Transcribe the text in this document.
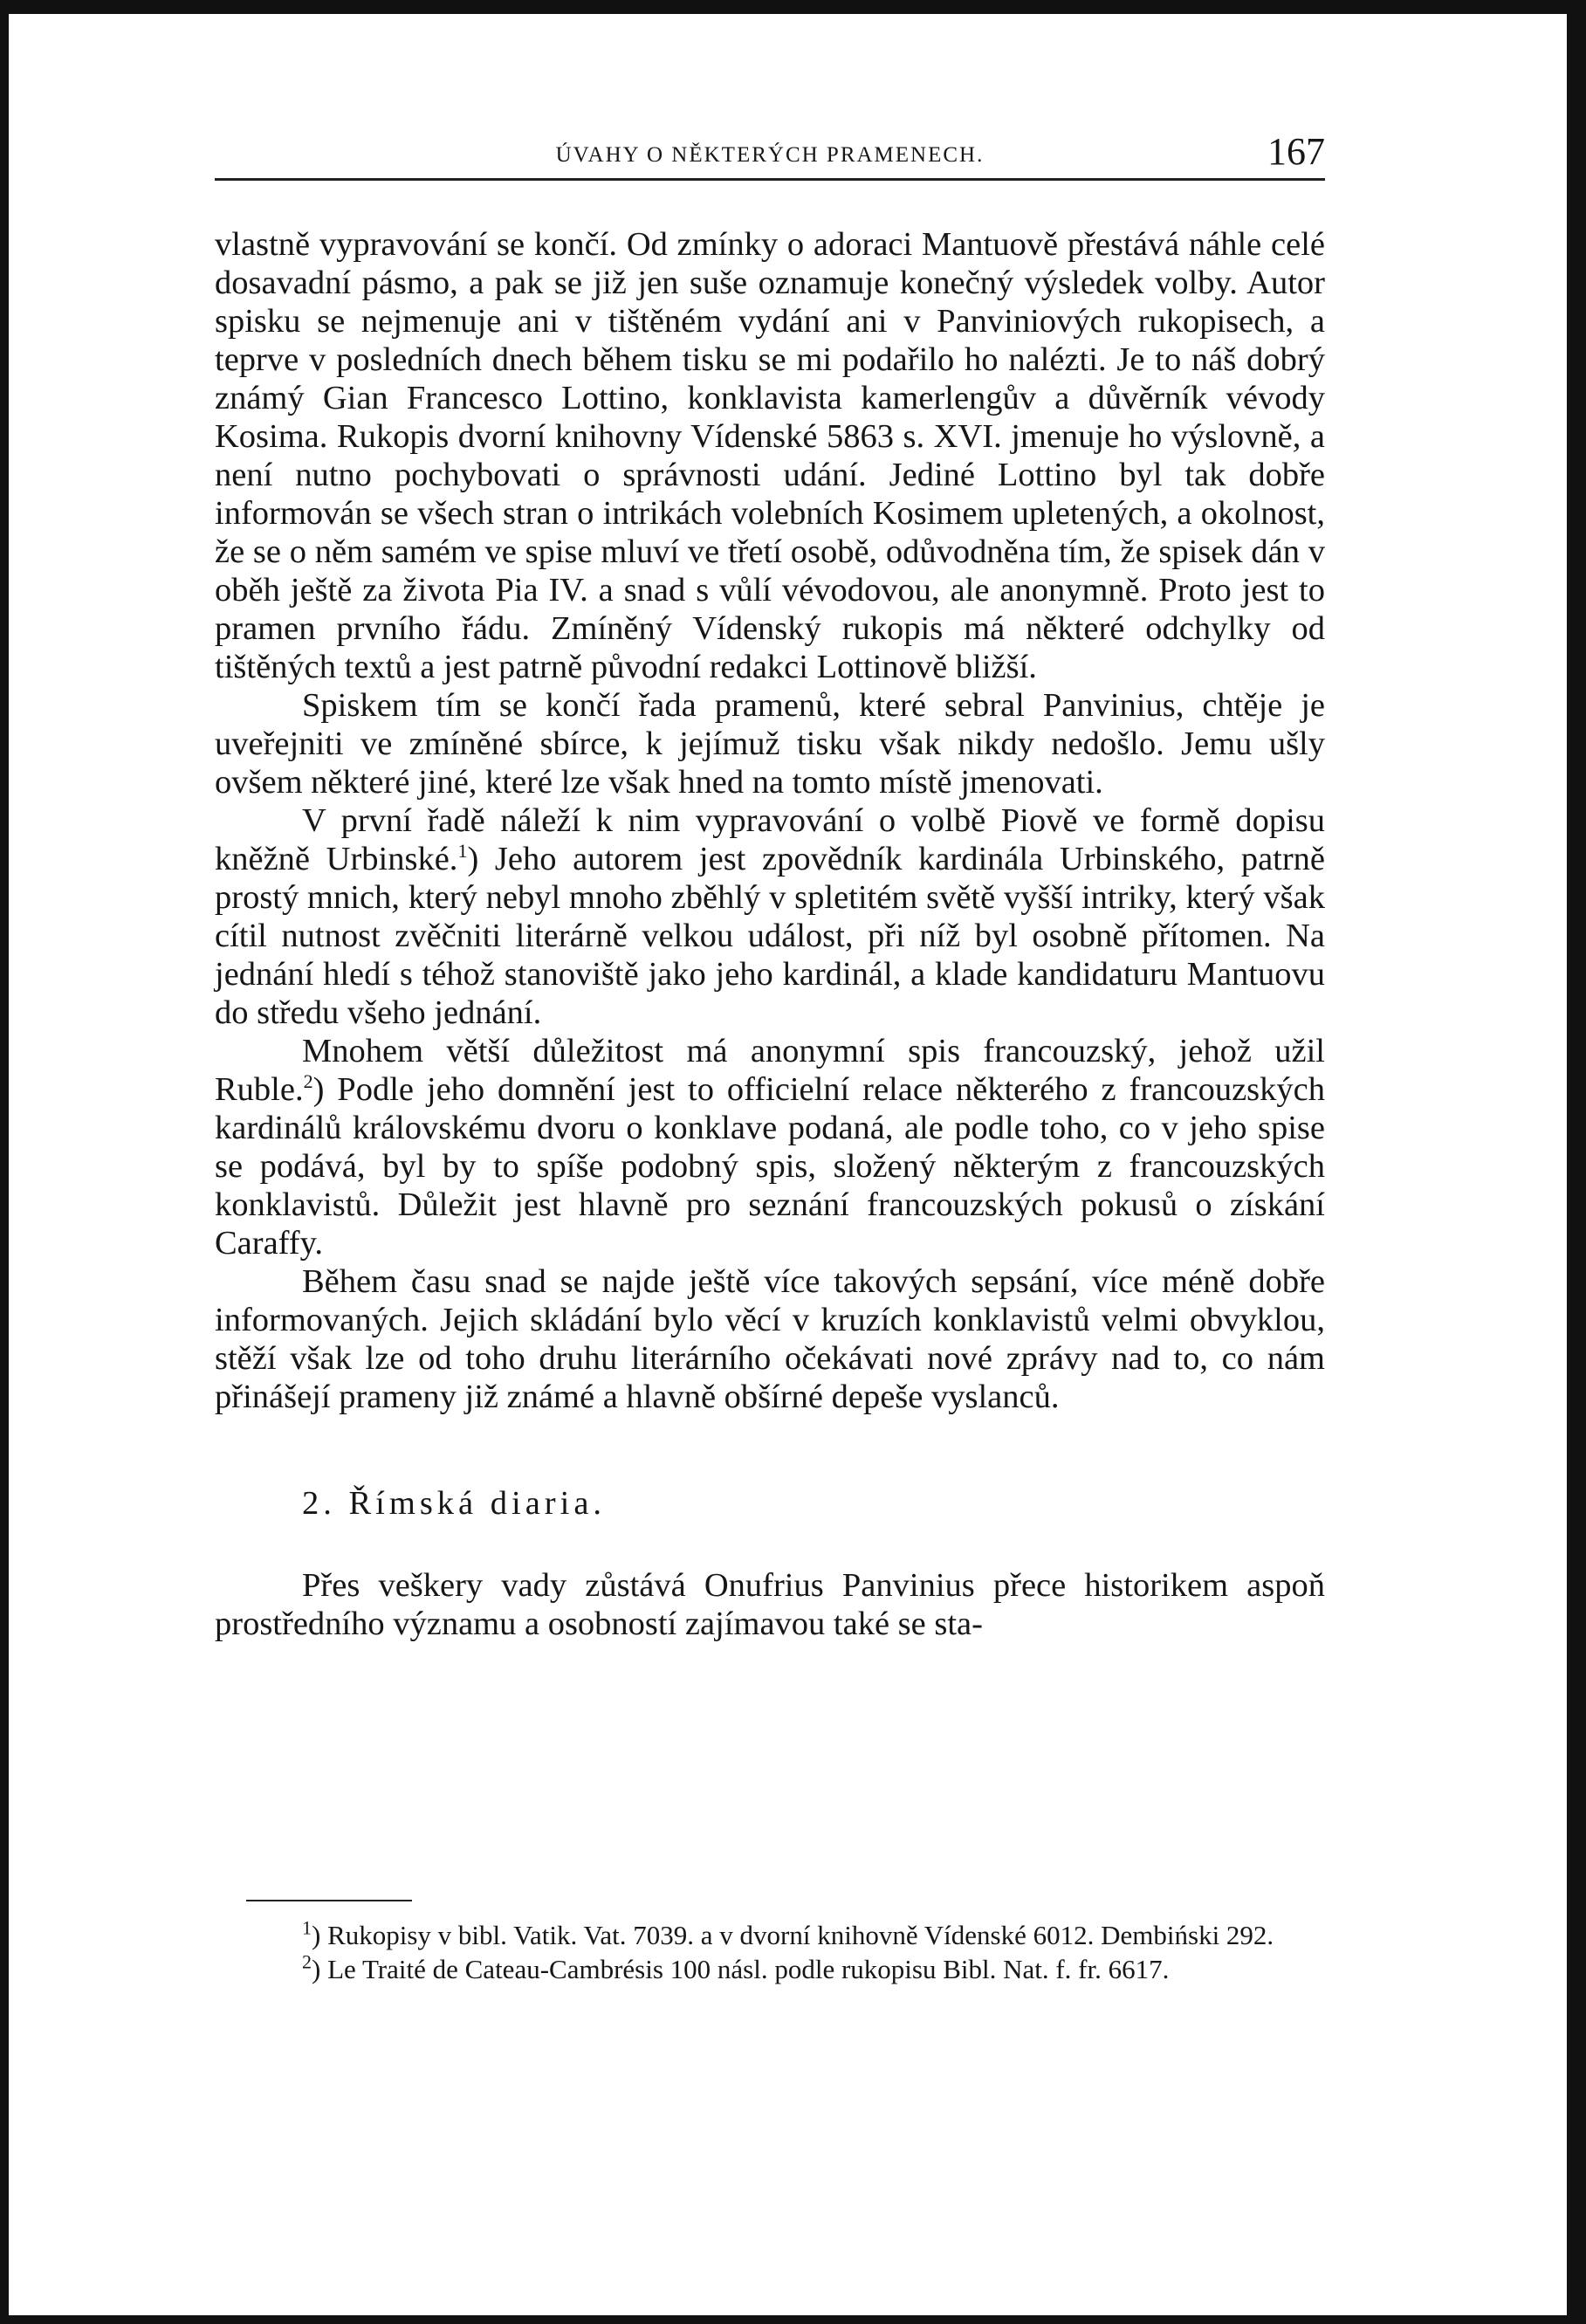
ÚVAHY O NĚKTERÝCH PRAMENECH.	167

vlastně vypravování se končí. Od zmínky o adoraci Mantuově přestává náhle celé dosavadní pásmo, a pak se již jen suše oznamuje konečný výsledek volby. Autor spisku se nejmenuje ani v tištěném vydání ani v Panviniových rukopisech, a teprve v posledních dnech během tisku se mi podařilo ho nalézti. Je to náš dobrý známý Gian Francesco Lottino, konklavista kamerlengův a důvěrník vévody Kosima. Rukopis dvorní knihovny Vídenské 5863 s. XVI. jmenuje ho výslovně, a není nutno pochybovati o správnosti udání. Jediné Lottino byl tak dobře informován se všech stran o intrikách volebních Kosimem upletených, a okolnost, že se o něm samém ve spise mluví ve třetí osobě, odůvodněna tím, že spisek dán v oběh ještě za života Pia IV. a snad s vůlí vévodovou, ale anonymně. Proto jest to pramen prvního řádu. Zmíněný Vídenský rukopis má některé odchylky od tištěných textů a jest patrně původní redakci Lottinově bližší.

Spiskem tím se končí řada pramenů, které sebral Panvinius, chtěje je uveřejniti ve zmíněné sbírce, k jejímuž tisku však nikdy nedošlo. Jemu ušly ovšem některé jiné, které lze však hned na tomto místě jmenovati.

V první řadě náleží k nim vypravování o volbě Piově ve formě dopisu kněžně Urbinské.$^1$) Jeho autorem jest zpovědník kardinála Urbinského, patrně prostý mnich, který nebyl mnoho zběhlý v spletitém světě vyšší intriky, který však cítil nutnost zvěčniti literárně velkou událost, při níž byl osobně přítomen. Na jednání hledí s téhož stanoviště jako jeho kardinál, a klade kandidaturu Mantuovu do středu všeho jednání.

Mnohem větší důležitost má anonymní spis francouzský, jehož užil Ruble.$^2$) Podle jeho domnění jest to officielní relace některého z francouzských kardinálů královskému dvoru o konklave podaná, ale podle toho, co v jeho spise se podává, byl by to spíše podobný spis, složený některým z francouzských konklavistů. Důležit jest hlavně pro seznání francouzských pokusů o získání Caraffy.

Během času snad se najde ještě více takových sepsání, více méně dobře informovaných. Jejich skládání bylo věcí v kruzích konklavistů velmi obvyklou, stěží však lze od toho druhu literárního očekávati nové zprávy nad to, co nám přinášejí prameny již známé a hlavně obšírné depeše vyslanců.

2. Římská diaria.

Přes veškery vady zůstává Onufrius Panvinius přece historikem aspoň prostředního významu a osobností zajímavou také se sta-

$^1$) Rukopisy v bibl. Vatik. Vat. 7039. a v dvorní knihovně Vídenské 6012. Dembiński 292.

$^2$) Le Traité de Cateau-Cambrésis 100 násl. podle rukopisu Bibl. Nat. f. fr. 6617.
